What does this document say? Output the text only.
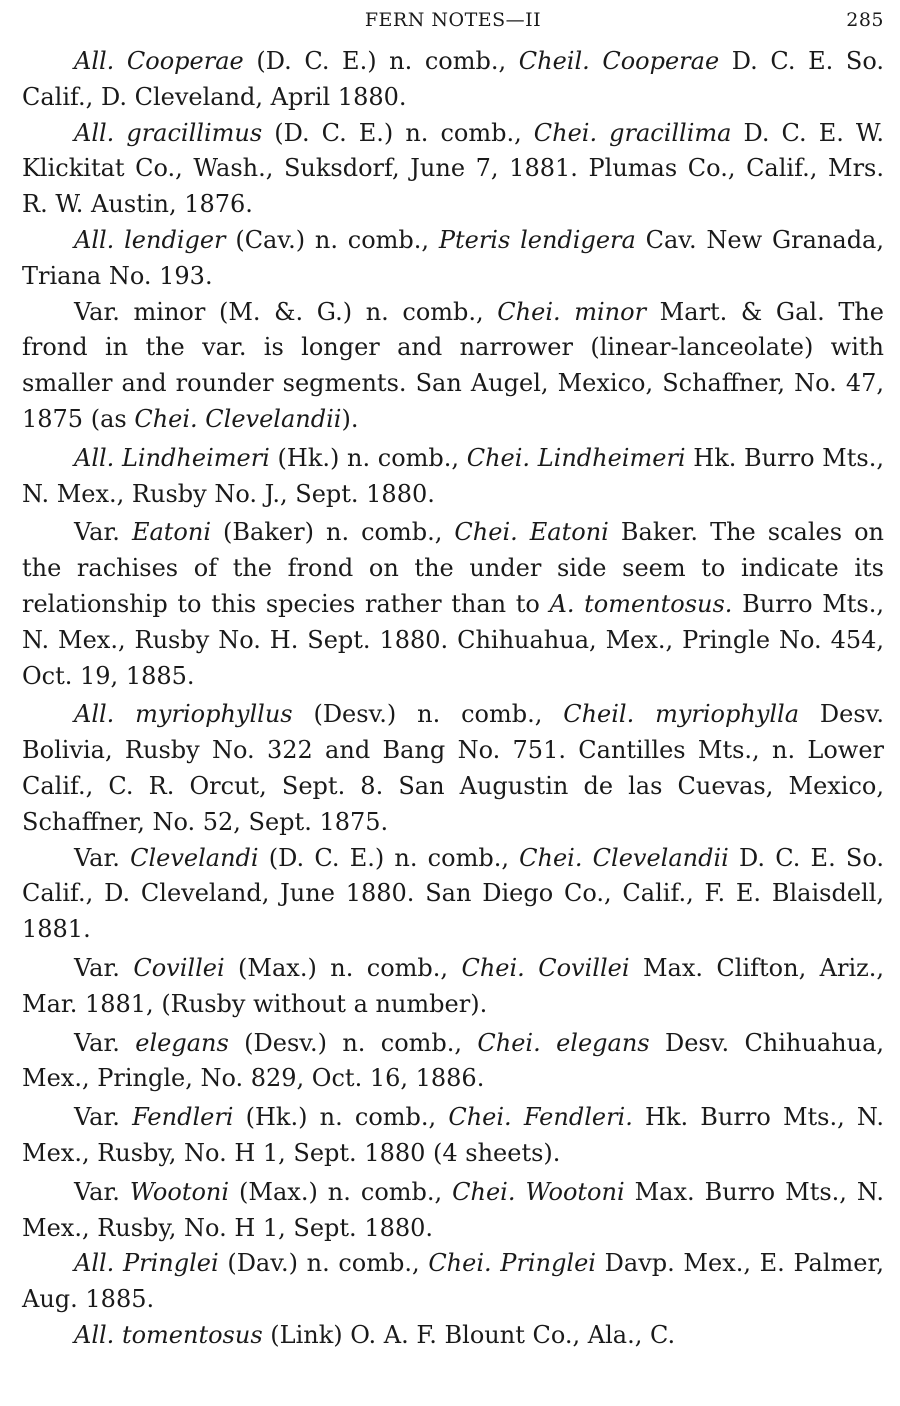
FERN NOTES—II	285

All. Cooperae (D. C. E.) n. comb., Cheil. Cooperae D. C. E. So. Calif., D. Cleveland, April 1880.

All. gracillimus (D. C. E.) n. comb., Chei. gracillima D. C. E. W. Klickitat Co., Wash., Suksdorf, June 7, 1881. Plumas Co., Calif., Mrs. R. W. Austin, 1876.

All. lendiger (Cav.) n. comb., Pteris lendigera Cav. New Granada, Triana No. 193.

Var. minor (M. &. G.) n. comb., Chei. minor Mart. & Gal. The frond in the var. is longer and narrower (linear-lanceolate) with smaller and rounder segments. San Augel, Mexico, Schaffner, No. 47, 1875 (as Chei. Clevelandii).

All. Lindheimeri (Hk.) n. comb., Chei. Lindheimeri Hk. Burro Mts., N. Mex., Rusby No. J., Sept. 1880.

Var. Eatoni (Baker) n. comb., Chei. Eatoni Baker. The scales on the rachises of the frond on the under side seem to indicate its relationship to this species rather than to A. tomentosus. Burro Mts., N. Mex., Rusby No. H. Sept. 1880. Chihuahua, Mex., Pringle No. 454, Oct. 19, 1885.

All. myriophyllus (Desv.) n. comb., Cheil. myriophylla Desv. Bolivia, Rusby No. 322 and Bang No. 751. Cantilles Mts., n. Lower Calif., C. R. Orcut, Sept. 8. San Augustin de las Cuevas, Mexico, Schaffner, No. 52, Sept. 1875.

Var. Clevelandi (D. C. E.) n. comb., Chei. Clevelandii D. C. E. So. Calif., D. Cleveland, June 1880. San Diego Co., Calif., F. E. Blaisdell, 1881.

Var. Covillei (Max.) n. comb., Chei. Covillei Max. Clifton, Ariz., Mar. 1881, (Rusby without a number).

Var. elegans (Desv.) n. comb., Chei. elegans Desv. Chihuahua, Mex., Pringle, No. 829, Oct. 16, 1886.

Var. Fendleri (Hk.) n. comb., Chei. Fendleri. Hk. Burro Mts., N. Mex., Rusby, No. H 1, Sept. 1880 (4 sheets).

Var. Wootoni (Max.) n. comb., Chei. Wootoni Max. Burro Mts., N. Mex., Rusby, No. H 1, Sept. 1880.

All. Pringlei (Dav.) n. comb., Chei. Pringlei Davp. Mex., E. Palmer, Aug. 1885.

All. tomentosus (Link) O. A. F. Blount Co., Ala., C.
